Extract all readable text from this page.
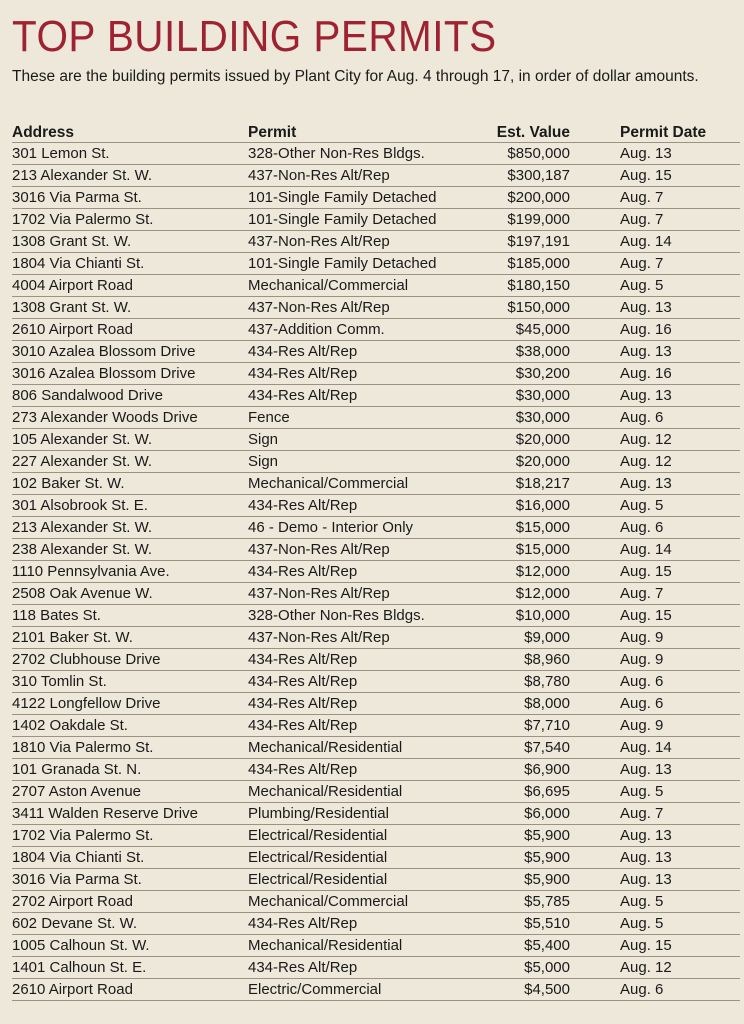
TOP BUILDING PERMITS
These are the building permits issued by Plant City for Aug. 4 through 17, in order of dollar amounts.
Address	Permit	Est. Value		Permit Date
301 Lemon St.	328-Other Non-Res Bldgs.	$850,000		Aug. 13
213 Alexander St. W.	437-Non-Res Alt/Rep	$300,187		Aug. 15
3016 Via Parma St.	101-Single Family Detached	$200,000		Aug. 7
1702 Via Palermo St.	101-Single Family Detached	$199,000		Aug. 7
1308 Grant St. W.	437-Non-Res Alt/Rep	$197,191		Aug. 14
1804 Via Chianti St.	101-Single Family Detached	$185,000		Aug. 7
4004 Airport Road	Mechanical/Commercial	$180,150		Aug. 5
1308 Grant St. W.	437-Non-Res Alt/Rep	$150,000		Aug. 13
2610 Airport Road	437-Addition Comm.	$45,000		Aug. 16
3010 Azalea Blossom Drive	434-Res Alt/Rep	$38,000		Aug. 13
3016 Azalea Blossom Drive	434-Res Alt/Rep	$30,200		Aug. 16
806 Sandalwood Drive	434-Res Alt/Rep	$30,000		Aug. 13
273 Alexander Woods Drive	Fence	$30,000		Aug. 6
105 Alexander St. W.	Sign	$20,000		Aug. 12
227 Alexander St. W.	Sign	$20,000		Aug. 12
102 Baker St. W.	Mechanical/Commercial	$18,217		Aug. 13
301 Alsobrook St. E.	434-Res Alt/Rep	$16,000		Aug. 5
213 Alexander St. W.	46 - Demo - Interior Only	$15,000		Aug. 6
238 Alexander St. W.	437-Non-Res Alt/Rep	$15,000		Aug. 14
1110 Pennsylvania Ave.	434-Res Alt/Rep	$12,000		Aug. 15
2508 Oak Avenue W.	437-Non-Res Alt/Rep	$12,000		Aug. 7
118 Bates St.	328-Other Non-Res Bldgs.	$10,000		Aug. 15
2101 Baker St. W.	437-Non-Res Alt/Rep	$9,000		Aug. 9
2702 Clubhouse Drive	434-Res Alt/Rep	$8,960		Aug. 9
310 Tomlin St.	434-Res Alt/Rep	$8,780		Aug. 6
4122 Longfellow Drive	434-Res Alt/Rep	$8,000		Aug. 6
1402 Oakdale St.	434-Res Alt/Rep	$7,710		Aug. 9
1810 Via Palermo St.	Mechanical/Residential	$7,540		Aug. 14
101 Granada St. N.	434-Res Alt/Rep	$6,900		Aug. 13
2707 Aston Avenue	Mechanical/Residential	$6,695		Aug. 5
3411 Walden Reserve Drive	Plumbing/Residential	$6,000		Aug. 7
1702 Via Palermo St.	Electrical/Residential	$5,900		Aug. 13
1804 Via Chianti St.	Electrical/Residential	$5,900		Aug. 13
3016 Via Parma St.	Electrical/Residential	$5,900		Aug. 13
2702 Airport Road	Mechanical/Commercial	$5,785		Aug. 5
602 Devane St. W.	434-Res Alt/Rep	$5,510		Aug. 5
1005 Calhoun St. W.	Mechanical/Residential	$5,400		Aug. 15
1401 Calhoun St. E.	434-Res Alt/Rep	$5,000		Aug. 12
2610 Airport Road	Electric/Commercial	$4,500		Aug. 6
